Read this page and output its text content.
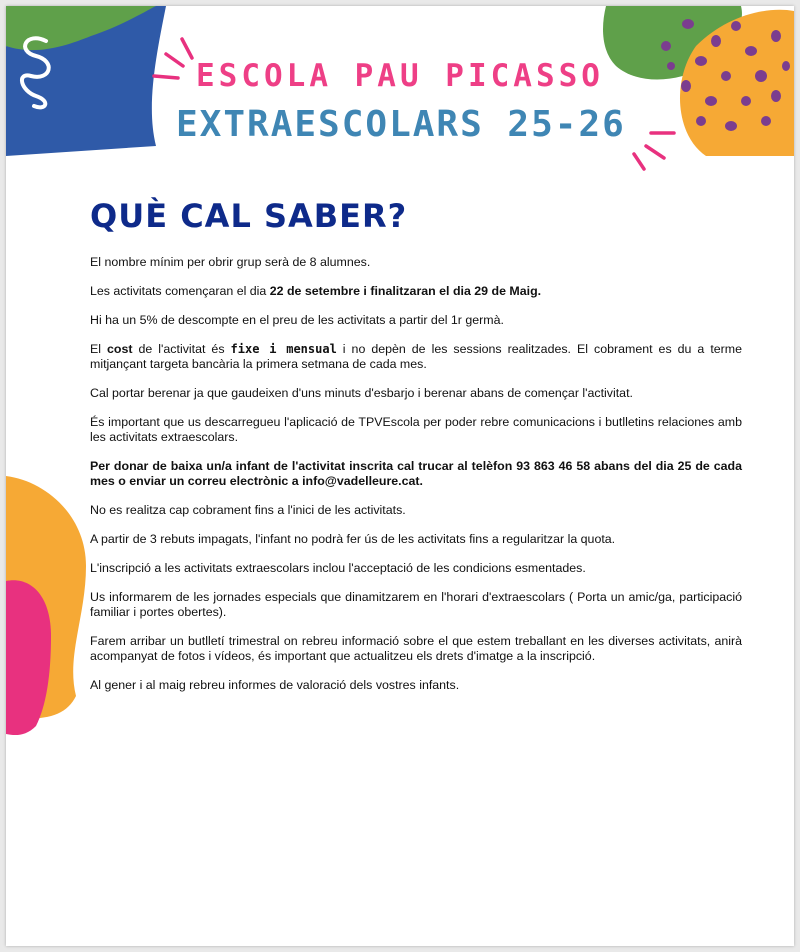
ESCOLA PAU PICASSO
EXTRAESCOLARS 25-26
QUÈ CAL SABER?

El nombre mínim per obrir grup serà de 8 alumnes.

Les activitats començaran el dia 22 de setembre i finalitzaran el dia 29 de Maig.

Hi ha un 5% de descompte en el preu de les activitats a partir del 1r germà.

El cost de l'activitat és fixe i mensual i no depèn de les sessions realitzades. El cobrament es du a terme mitjançant targeta bancària la primera setmana de cada mes.

Cal portar berenar ja que gaudeixen d'uns minuts d'esbarjo i berenar abans de començar l'activitat.

És important que us descarregueu l'aplicació de TPVEscola per poder rebre comunicacions i butlletins relaciones amb les activitats extraescolars.

Per donar de baixa un/a infant de l'activitat inscrita cal trucar al telèfon 93 863 46 58 abans del dia 25 de cada mes o enviar un correu electrònic a info@vadelleure.cat.

No es realitza cap cobrament fins a l'inici de les activitats.

A partir de 3 rebuts impagats, l'infant no podrà fer ús de les activitats fins a regularitzar la quota.

L'inscripció a les activitats extraescolars inclou l'acceptació de les condicions esmentades.

Us informarem de les jornades especials que dinamitzarem en l'horari d'extraescolars ( Porta un amic/ga, participació familiar i portes obertes).

Farem arribar un butlletí trimestral on rebreu informació sobre el que estem treballant en les diverses activitats, anirà acompanyat de fotos i vídeos, és important que actualitzeu els drets d'imatge a la inscripció.

Al gener i al maig rebreu informes de valoració dels vostres infants.
